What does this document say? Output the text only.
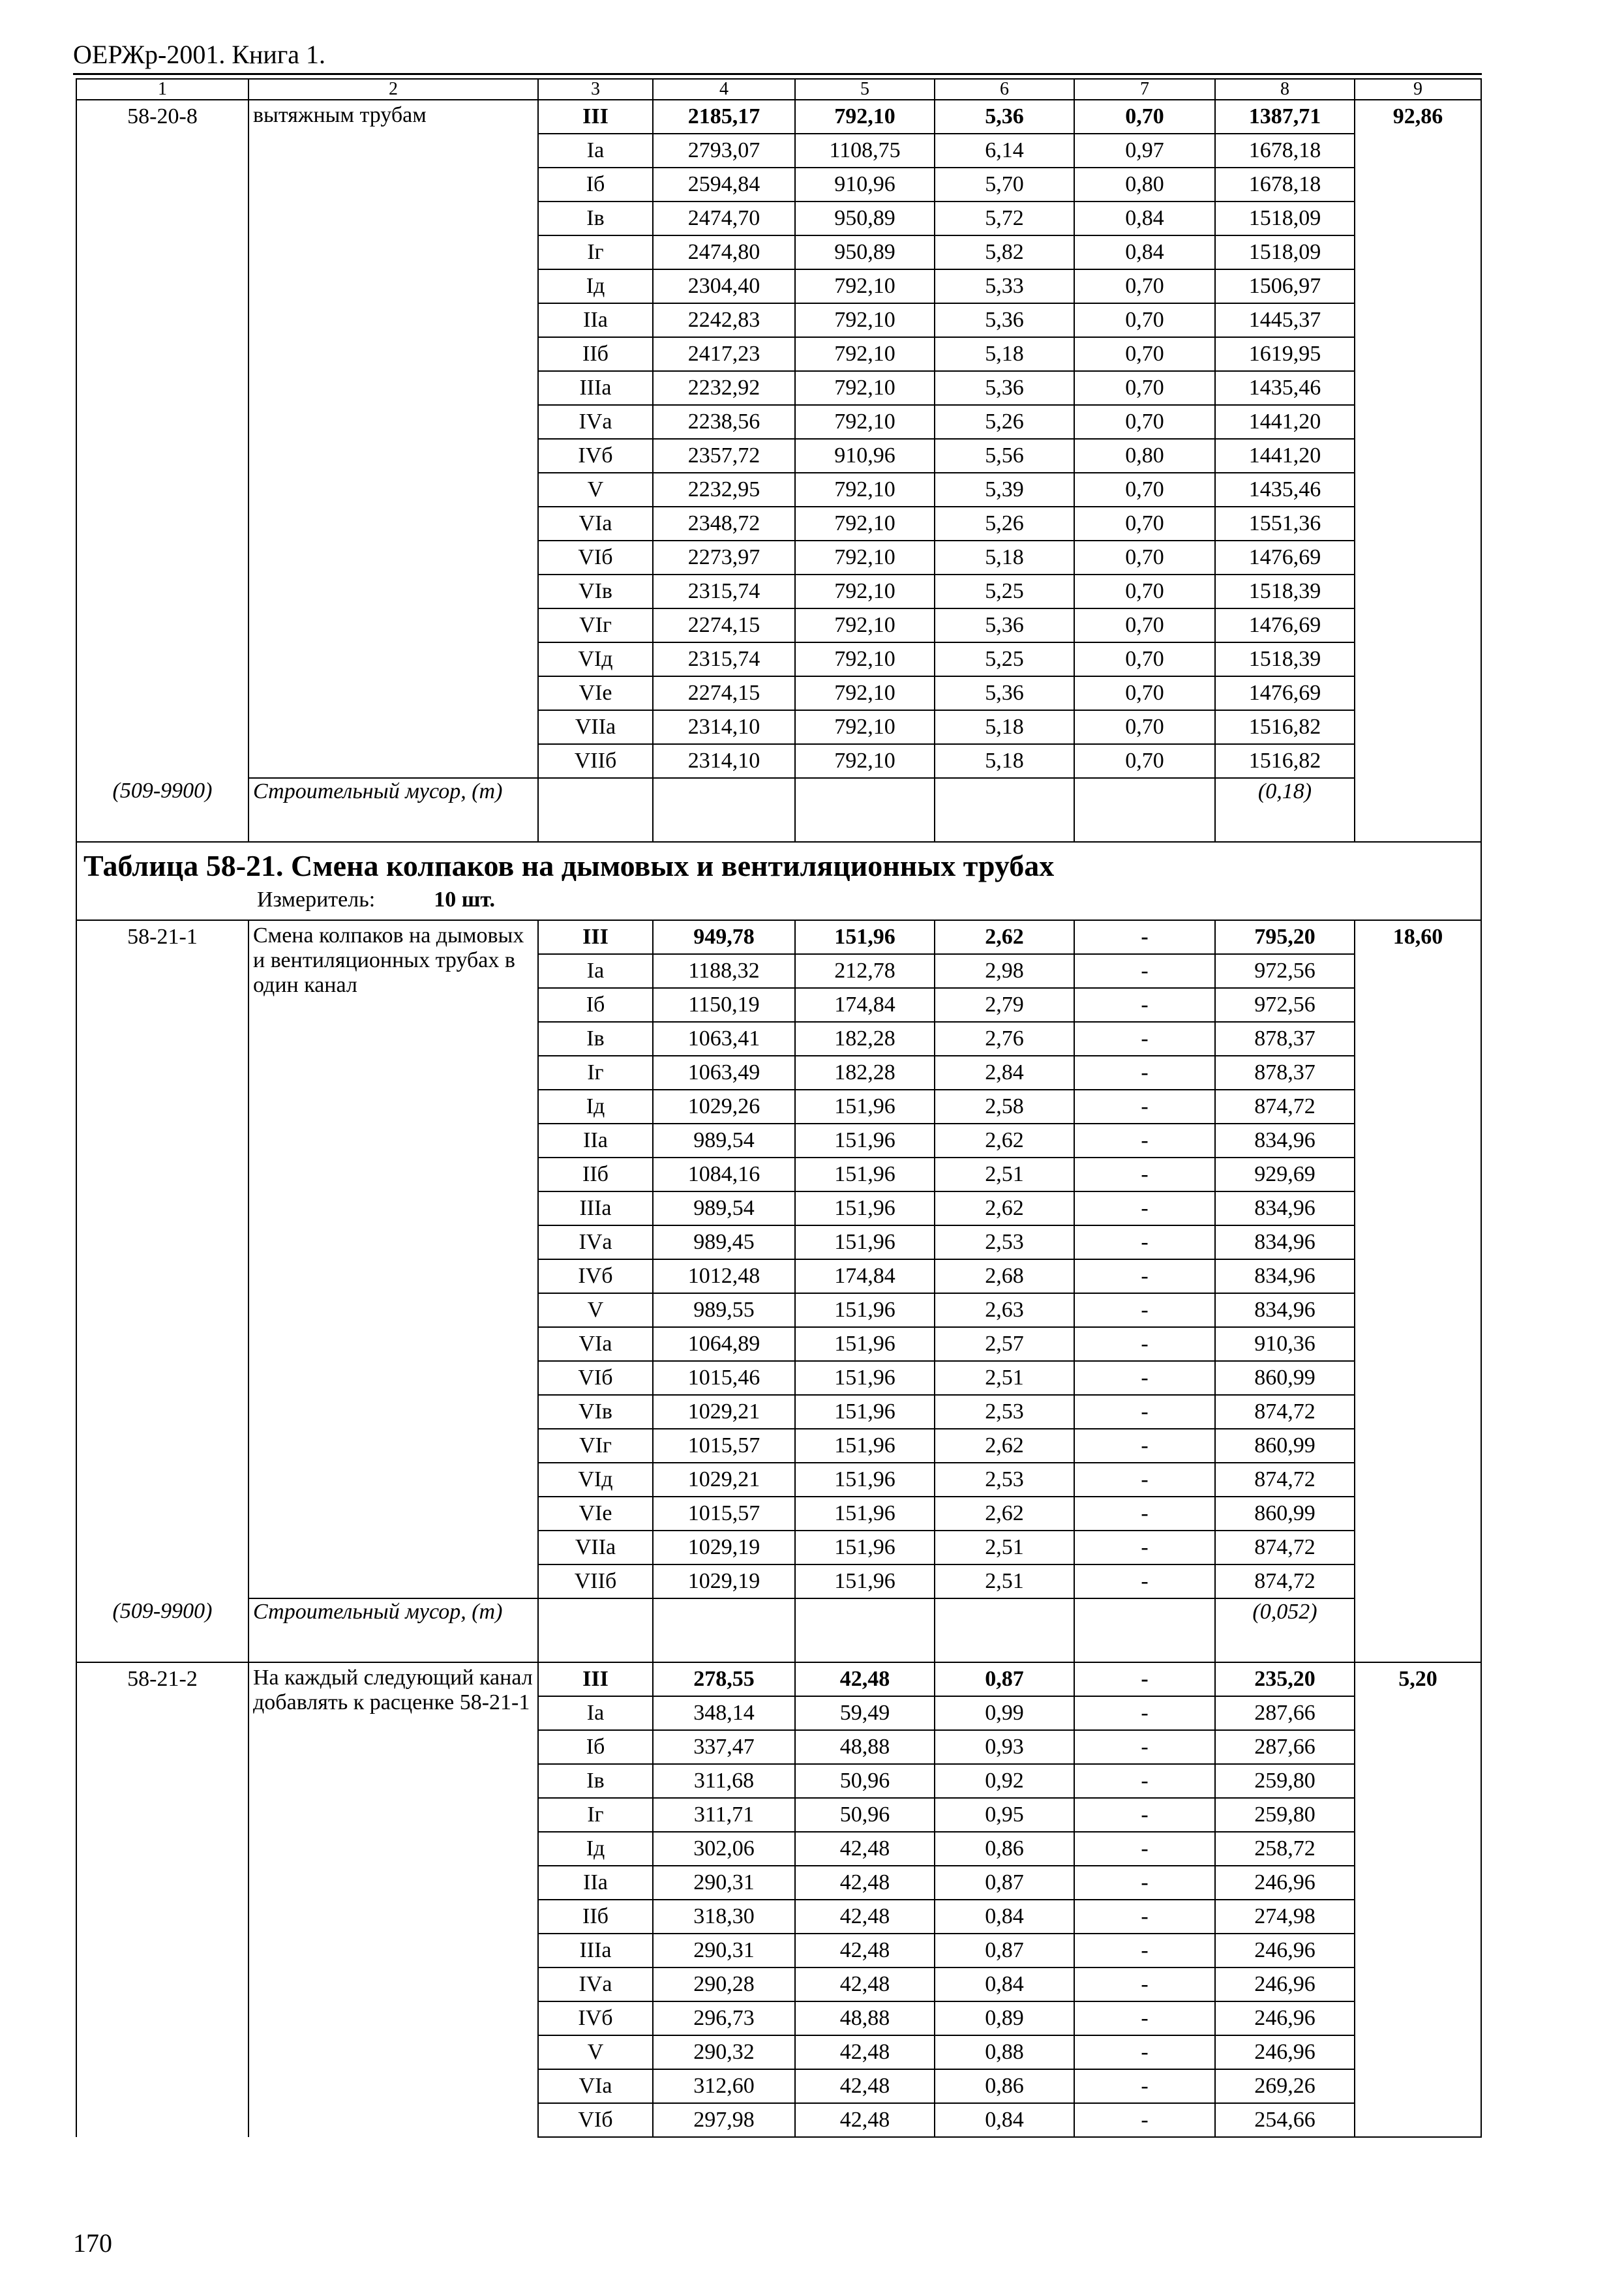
ОЕРЖр-2001. Книга 1.
1	2	3	4	5	6	7	8	9
58-20-8	вытяжным трубам	III	2185,17	792,10	5,36	0,70	1387,71	92,86
		Iа	2793,07	1108,75	6,14	0,97	1678,18	
		Iб	2594,84	910,96	5,70	0,80	1678,18	
		Iв	2474,70	950,89	5,72	0,84	1518,09	
		Iг	2474,80	950,89	5,82	0,84	1518,09	
		Iд	2304,40	792,10	5,33	0,70	1506,97	
		IIа	2242,83	792,10	5,36	0,70	1445,37	
		IIб	2417,23	792,10	5,18	0,70	1619,95	
		IIIа	2232,92	792,10	5,36	0,70	1435,46	
		IVа	2238,56	792,10	5,26	0,70	1441,20	
		IVб	2357,72	910,96	5,56	0,80	1441,20	
		V	2232,95	792,10	5,39	0,70	1435,46	
		VIа	2348,72	792,10	5,26	0,70	1551,36	
		VIб	2273,97	792,10	5,18	0,70	1476,69	
		VIв	2315,74	792,10	5,25	0,70	1518,39	
		VIг	2274,15	792,10	5,36	0,70	1476,69	
		VIд	2315,74	792,10	5,25	0,70	1518,39	
		VIе	2274,15	792,10	5,36	0,70	1476,69	
		VIIа	2314,10	792,10	5,18	0,70	1516,82	
		VIIб	2314,10	792,10	5,18	0,70	1516,82	
(509-9900)	Строительный мусор, (т)						(0,18)	

Таблица 58-21. Смена колпаков на дымовых и вентиляционных трубах
Измеритель: 10 шт.								

58-21-1	Смена колпаков на дымовых и вентиляционных трубах в один канал	III	949,78	151,96	2,62	-	795,20	18,60
		Iа	1188,32	212,78	2,98	-	972,56	
		Iб	1150,19	174,84	2,79	-	972,56	
		Iв	1063,41	182,28	2,76	-	878,37	
		Iг	1063,49	182,28	2,84	-	878,37	
		Iд	1029,26	151,96	2,58	-	874,72	
		IIа	989,54	151,96	2,62	-	834,96	
		IIб	1084,16	151,96	2,51	-	929,69	
		IIIа	989,54	151,96	2,62	-	834,96	
		IVа	989,45	151,96	2,53	-	834,96	
		IVб	1012,48	174,84	2,68	-	834,96	
		V	989,55	151,96	2,63	-	834,96	
		VIа	1064,89	151,96	2,57	-	910,36	
		VIб	1015,46	151,96	2,51	-	860,99	
		VIв	1029,21	151,96	2,53	-	874,72	
		VIг	1015,57	151,96	2,62	-	860,99	
		VIд	1029,21	151,96	2,53	-	874,72	
		VIе	1015,57	151,96	2,62	-	860,99	
		VIIа	1029,19	151,96	2,51	-	874,72	
		VIIб	1029,19	151,96	2,51	-	874,72	
(509-9900)	Строительный мусор, (т)						(0,052)	
58-21-2	На каждый следующий канал добавлять к расценке 58-21-1	III	278,55	42,48	0,87	-	235,20	5,20
		Iа	348,14	59,49	0,99	-	287,66	
		Iб	337,47	48,88	0,93	-	287,66	
		Iв	311,68	50,96	0,92	-	259,80	
		Iг	311,71	50,96	0,95	-	259,80	
		Iд	302,06	42,48	0,86	-	258,72	
		IIа	290,31	42,48	0,87	-	246,96	
		IIб	318,30	42,48	0,84	-	274,98	
		IIIа	290,31	42,48	0,87	-	246,96	
		IVа	290,28	42,48	0,84	-	246,96	
		IVб	296,73	48,88	0,89	-	246,96	
		V	290,32	42,48	0,88	-	246,96	
		VIа	312,60	42,48	0,86	-	269,26	
		VIб	297,98	42,48	0,84	-	254,66	
170
